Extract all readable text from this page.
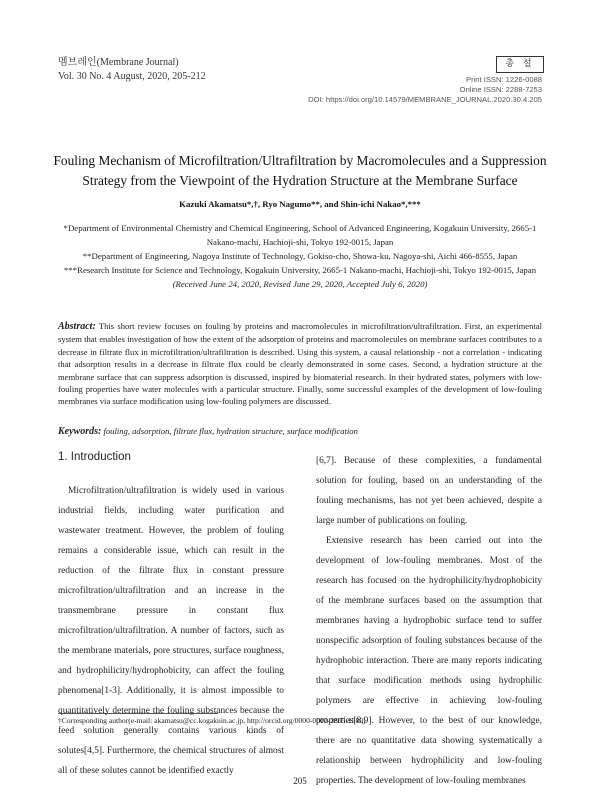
멤브레인(Membrane Journal)
Vol. 30 No. 4 August, 2020, 205-212
총 설
Print ISSN: 1226-0088
Online ISSN: 2288-7253
DOI: https://doi.org/10.14579/MEMBRANE_JOURNAL.2020.30.4.205
Fouling Mechanism of Microfiltration/Ultrafiltration by Macromolecules and a Suppression
Strategy from the Viewpoint of the Hydration Structure at the Membrane Surface
Kazuki Akamatsu*,†, Ryo Nagumo**, and Shin-ichi Nakao*,***

*Department of Environmental Chemistry and Chemical Engineering, School of Advanced Engineering, Kogakuin University, 2665-1 Nakano-machi, Hachioji-shi, Tokyo 192-0015, Japan

**Department of Engineering, Nagoya Institute of Technology, Gokiso-cho, Showa-ku, Nagoya-shi, Aichi 466-8555, Japan

***Research Institute for Science and Technology, Kogakuin University, 2665-1 Nakano-machi, Hachioji-shi, Tokyo 192-0015, Japan

(Received June 24, 2020, Revised June 29, 2020, Accepted July 6, 2020)

Abstract: This short review focuses on fouling by proteins and macromolecules in microfiltration/ultrafiltration. First, an experimental system that enables investigation of how the extent of the adsorption of proteins and macromolecules on membrane surfaces contributes to a decrease in filtrate flux in microfiltration/ultrafiltration is described. Using this system, a causal relationship - not a correlation - indicating that adsorption results in a decrease in filtrate flux could be clearly demonstrated in some cases. Second, a hydration structure at the membrane surface that can suppress adsorption is discussed, inspired by biomaterial research. In their hydrated states, polymers with low-fouling properties have water molecules with a particular structure. Finally, some successful examples of the development of low-fouling membranes via surface modification using low-fouling polymers are discussed.
Keywords: fouling, adsorption, filtrate flux, hydration structure, surface modification
1. Introduction

Microfiltration/ultrafiltration is widely used in various industrial fields, including water purification and wastewater treatment. However, the problem of fouling remains a considerable issue, which can result in the reduction of the filtrate flux in constant pressure microfiltration/ultrafiltration and an increase in the transmembrane pressure in constant flux microfiltration/ultrafiltration. A number of factors, such as the membrane materials, pore structures, surface roughness, and hydrophilicity/hydrophobicity, can affect the fouling phenomena[1-3]. Additionally, it is almost impossible to quantitatively determine the fouling substances because the feed solution generally contains various kinds of solutes[4,5]. Furthermore, the chemical structures of almost all of these solutes cannot be identified exactly

[6,7]. Because of these complexities, a fundamental solution for fouling, based on an understanding of the fouling mechanisms, has not yet been achieved, despite a large number of publications on fouling.

Extensive research has been carried out into the development of low-fouling membranes. Most of the research has focused on the hydrophilicity/hydrophobicity of the membrane surfaces based on the assumption that membranes having a hydrophobic surface tend to suffer nonspecific adsorption of fouling substances because of the hydrophobic interaction. There are many reports indicating that surface modification methods using hydrophilic polymers are effective in achieving low-fouling properties[8,9]. However, to the best of our knowledge, there are no quantitative data showing systematically a relationship between hydrophilicity and low-fouling properties. The development of low-fouling membranes

†Corresponding author(e-mail: akamatsu@cc.kogakuin.ac.jp, http://orcid.org/0000-0002-2865-1580)
205
